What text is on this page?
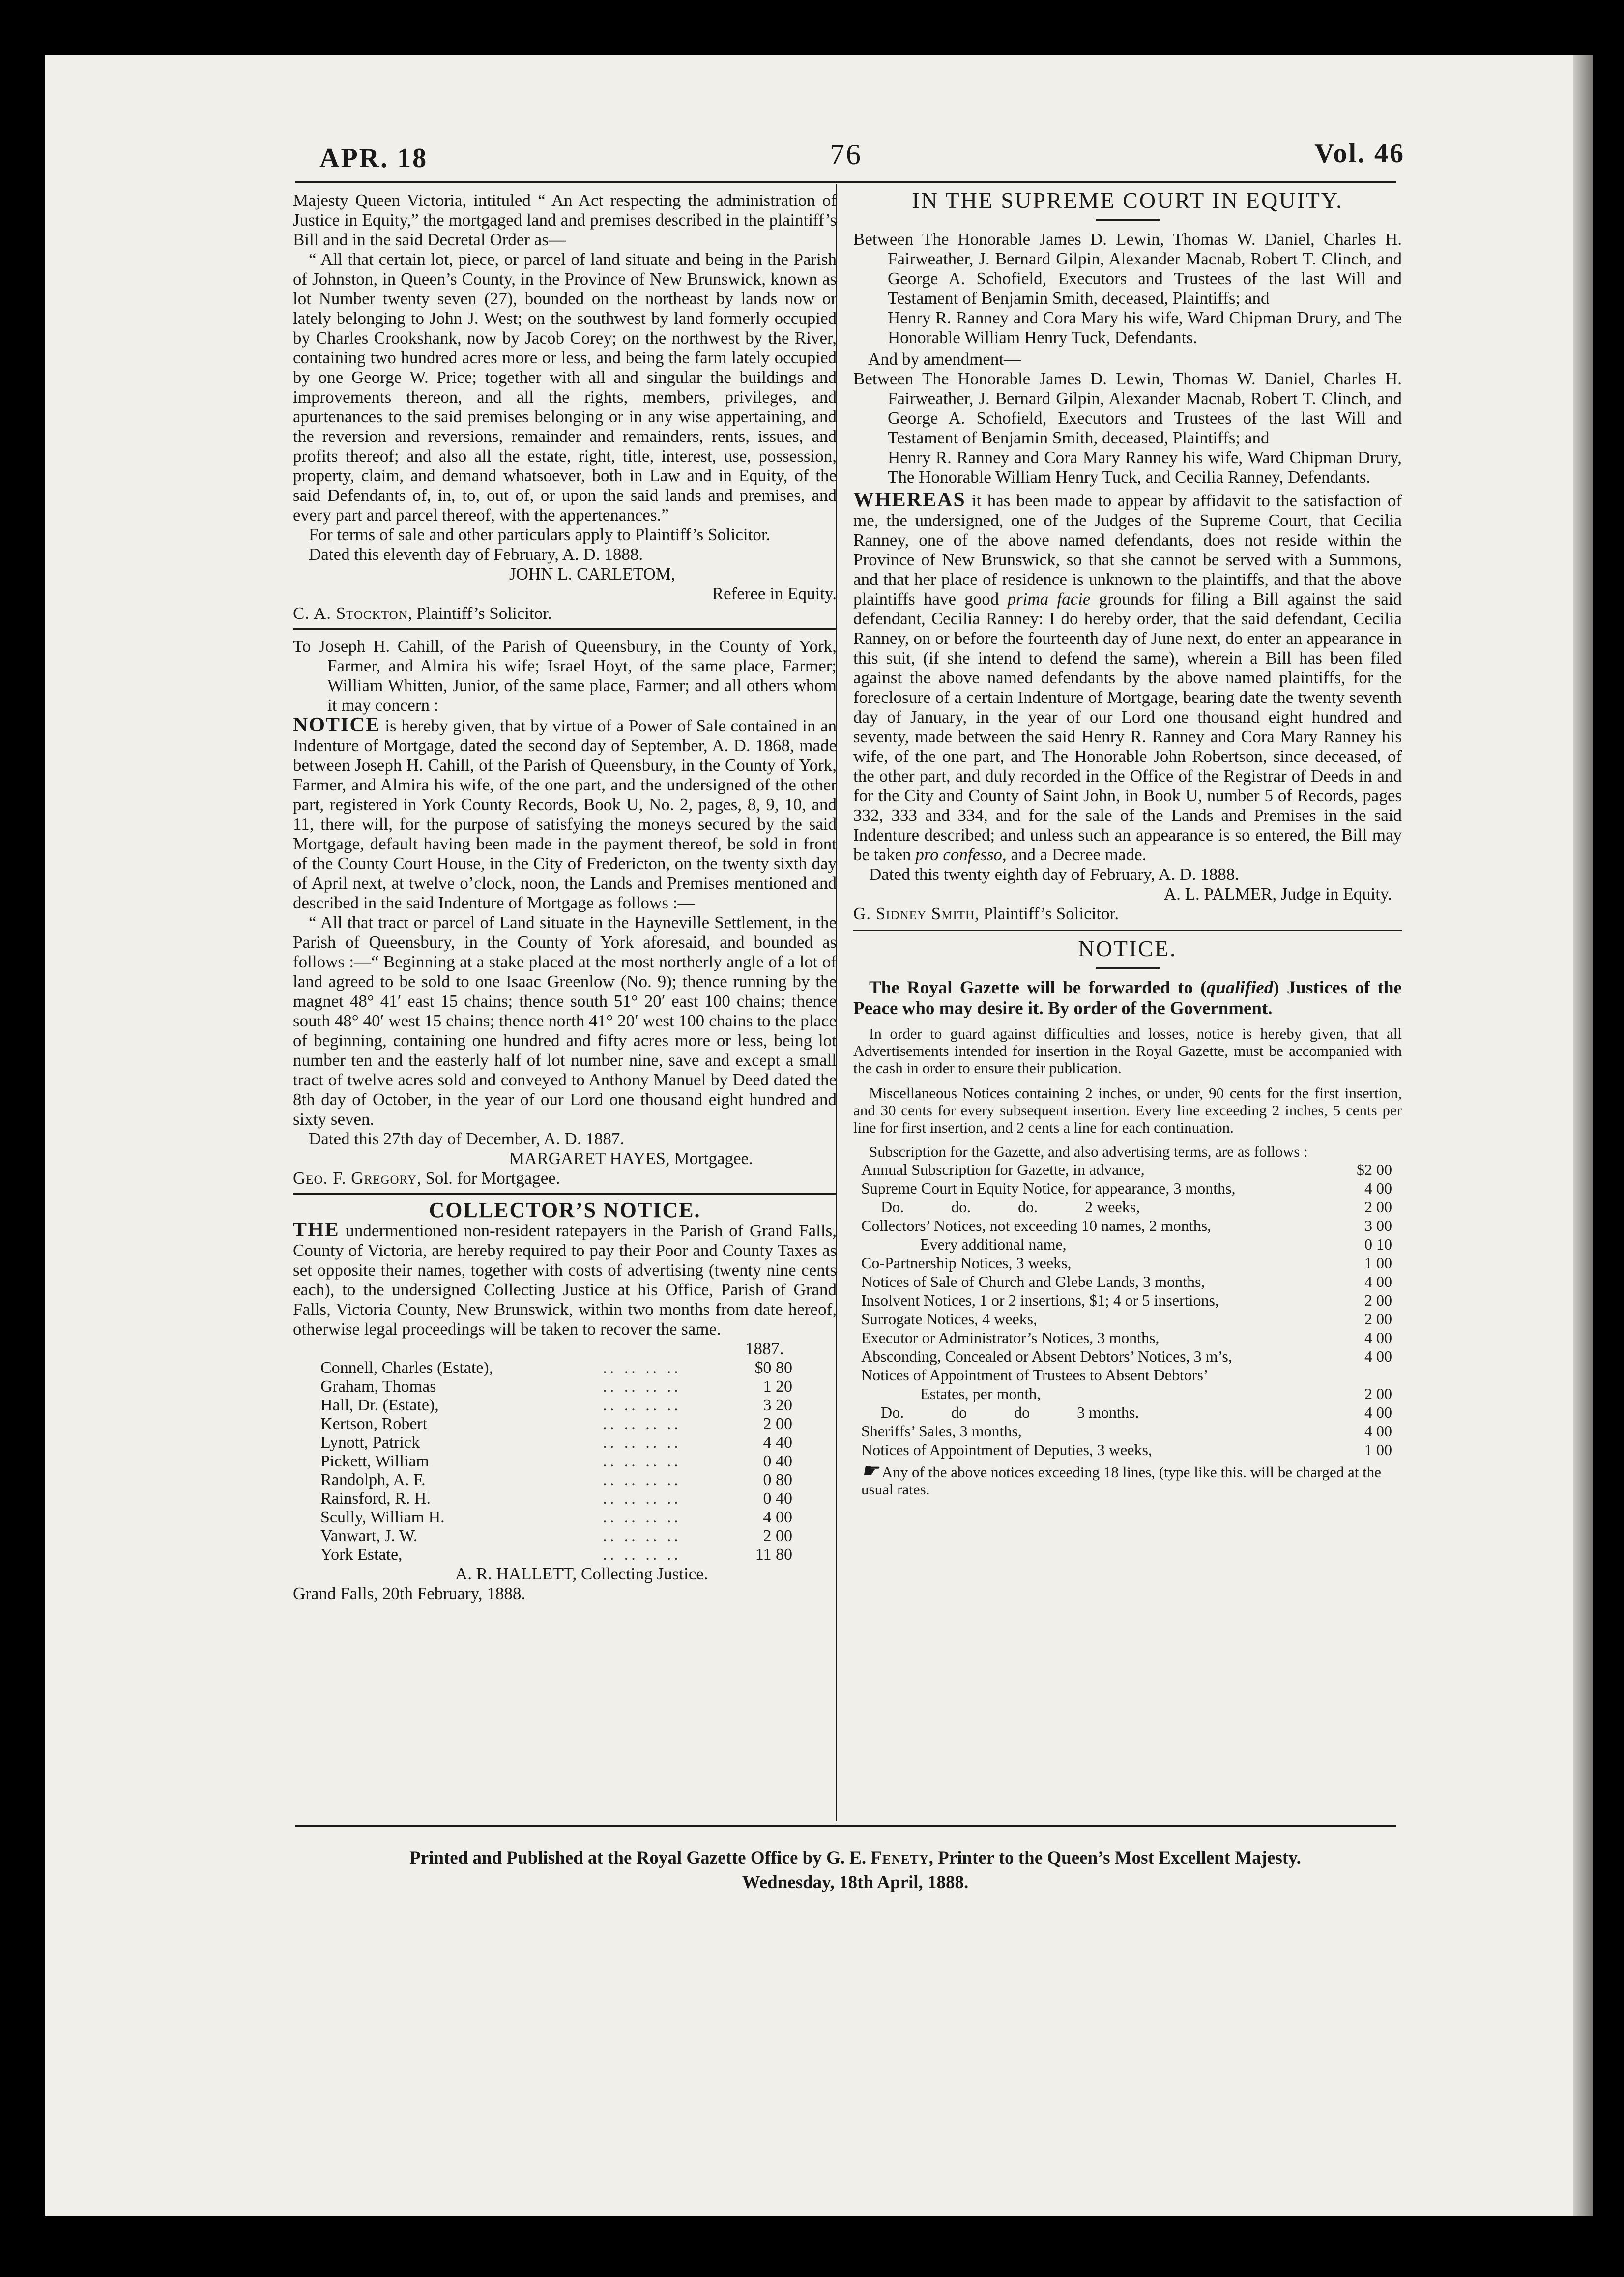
APR. 18	76	Vol. 46

Majesty Queen Victoria, intituled “ An Act respecting the administration of Justice in Equity,” the mortgaged land and premises described in the plaintiff’s Bill and in the said Decretal Order as—

“ All that certain lot, piece, or parcel of land situate and being in the Parish of Johnston, in Queen’s County, in the Province of New Brunswick, known as lot Number twenty seven (27), bounded on the northeast by lands now or lately belonging to John J. West; on the southwest by land formerly occupied by Charles Crookshank, now by Jacob Corey; on the northwest by the River, containing two hundred acres more or less, and being the farm lately occupied by one George W. Price; together with all and singular the buildings and improvements thereon, and all the rights, members, privileges, and apurtenances to the said premises belonging or in any wise appertaining, and the reversion and reversions, remainder and remainders, rents, issues, and profits thereof; and also all the estate, right, title, interest, use, possession, property, claim, and demand whatsoever, both in Law and in Equity, of the said Defendants of, in, to, out of, or upon the said lands and premises, and every part and parcel thereof, with the appertenances.”

For terms of sale and other particulars apply to Plaintiff’s Solicitor.

Dated this eleventh day of February, A. D. 1888.

JOHN L. CARLETOM,

Referee in Equity.

C. A. Stockton, Plaintiff’s Solicitor.

To Joseph H. Cahill, of the Parish of Queensbury, in the County of York, Farmer, and Almira his wife; Israel Hoyt, of the same place, Farmer; William Whitten, Junior, of the same place, Farmer; and all others whom it may concern :

NOTICE is hereby given, that by virtue of a Power of Sale contained in an Indenture of Mortgage, dated the second day of September, A. D. 1868, made between Joseph H. Cahill, of the Parish of Queensbury, in the County of York, Farmer, and Almira his wife, of the one part, and the undersigned of the other part, registered in York County Records, Book U, No. 2, pages, 8, 9, 10, and 11, there will, for the purpose of satisfying the moneys secured by the said Mortgage, default having been made in the payment thereof, be sold in front of the County Court House, in the City of Fredericton, on the twenty sixth day of April next, at twelve o’clock, noon, the Lands and Premises mentioned and described in the said Indenture of Mortgage as follows :—

“ All that tract or parcel of Land situate in the Hayneville Settlement, in the Parish of Queensbury, in the County of York aforesaid, and bounded as follows :—“ Beginning at a stake placed at the most northerly angle of a lot of land agreed to be sold to one Isaac Greenlow (No. 9); thence running by the magnet 48° 41′ east 15 chains; thence south 51° 20′ east 100 chains; thence south 48° 40′ west 15 chains; thence north 41° 20′ west 100 chains to the place of beginning, containing one hundred and fifty acres more or less, being lot number ten and the easterly half of lot number nine, save and except a small tract of twelve acres sold and conveyed to Anthony Manuel by Deed dated the 8th day of October, in the year of our Lord one thousand eight hundred and sixty seven.

Dated this 27th day of December, A. D. 1887.

MARGARET HAYES, Mortgagee.

Geo. F. Gregory, Sol. for Mortgagee.

COLLECTOR’S NOTICE.

THE undermentioned non-resident ratepayers in the Parish of Grand Falls, County of Victoria, are hereby required to pay their Poor and County Taxes as set opposite their names, together with costs of advertising (twenty nine cents each), to the undersigned Collecting Justice at his Office, Parish of Grand Falls, Victoria County, New Brunswick, within two months from date hereof, otherwise legal proceedings will be taken to recover the same.

1887.

Connell, Charles (Estate),	.. .. .. ..	$0 80
Graham, Thomas	.. .. .. ..	1 20
Hall, Dr. (Estate),	.. .. .. ..	3 20
Kertson, Robert	.. .. .. ..	2 00
Lynott, Patrick	.. .. .. ..	4 40
Pickett, William	.. .. .. ..	0 40
Randolph, A. F.	.. .. .. ..	0 80
Rainsford, R. H.	.. .. .. ..	0 40
Scully, William H.	.. .. .. ..	4 00
Vanwart, J. W.	.. .. .. ..	2 00
York Estate,	.. .. .. ..	11 80

A. R. HALLETT, Collecting Justice.

Grand Falls, 20th February, 1888.

IN THE SUPREME COURT IN EQUITY.

Between The Honorable James D. Lewin, Thomas W. Daniel, Charles H. Fairweather, J. Bernard Gilpin, Alexander Macnab, Robert T. Clinch, and George A. Schofield, Executors and Trustees of the last Will and Testament of Benjamin Smith, deceased, Plaintiffs; and

Henry R. Ranney and Cora Mary his wife, Ward Chipman Drury, and The Honorable William Henry Tuck, Defendants.

And by amendment—

Between The Honorable James D. Lewin, Thomas W. Daniel, Charles H. Fairweather, J. Bernard Gilpin, Alexander Macnab, Robert T. Clinch, and George A. Schofield, Executors and Trustees of the last Will and Testament of Benjamin Smith, deceased, Plaintiffs; and

Henry R. Ranney and Cora Mary Ranney his wife, Ward Chipman Drury, The Honorable William Henry Tuck, and Cecilia Ranney, Defendants.

WHEREAS it has been made to appear by affidavit to the satisfaction of me, the undersigned, one of the Judges of the Supreme Court, that Cecilia Ranney, one of the above named defendants, does not reside within the Province of New Brunswick, so that she cannot be served with a Summons, and that her place of residence is unknown to the plaintiffs, and that the above plaintiffs have good prima facie grounds for filing a Bill against the said defendant, Cecilia Ranney: I do hereby order, that the said defendant, Cecilia Ranney, on or before the fourteenth day of June next, do enter an appearance in this suit, (if she intend to defend the same), wherein a Bill has been filed against the above named defendants by the above named plaintiffs, for the foreclosure of a certain Indenture of Mortgage, bearing date the twenty seventh day of January, in the year of our Lord one thousand eight hundred and seventy, made between the said Henry R. Ranney and Cora Mary Ranney his wife, of the one part, and The Honorable John Robertson, since deceased, of the other part, and duly recorded in the Office of the Registrar of Deeds in and for the City and County of Saint John, in Book U, number 5 of Records, pages 332, 333 and 334, and for the sale of the Lands and Premises in the said Indenture described; and unless such an appearance is so entered, the Bill may be taken pro confesso, and a Decree made.

Dated this twenty eighth day of February, A. D. 1888.

A. L. PALMER, Judge in Equity.

G. Sidney Smith, Plaintiff’s Solicitor.

NOTICE.

The Royal Gazette will be forwarded to (qualified) Justices of the Peace who may desire it. By order of the Government.

In order to guard against difficulties and losses, notice is hereby given, that all Advertisements intended for insertion in the Royal Gazette, must be accompanied with the cash in order to ensure their publication.

Miscellaneous Notices containing 2 inches, or under, 90 cents for the first insertion, and 30 cents for every subsequent insertion. Every line exceeding 2 inches, 5 cents per line for first insertion, and 2 cents a line for each continuation.

Subscription for the Gazette, and also advertising terms, are as follows :

Annual Subscription for Gazette, in advance,	$2 00
Supreme Court in Equity Notice, for appearance, 3 months,	4 00
Do.            do.            do.            2 weeks,	2 00
Collectors’ Notices, not exceeding 10 names, 2 months,	3 00
Every additional name,	0 10
Co-Partnership Notices, 3 weeks,	1 00
Notices of Sale of Church and Glebe Lands, 3 months,	4 00
Insolvent Notices, 1 or 2 insertions, $1; 4 or 5 insertions,	2 00
Surrogate Notices, 4 weeks,	2 00
Executor or Administrator’s Notices, 3 months,	4 00
Absconding, Concealed or Absent Debtors’ Notices, 3 m’s,	4 00
Notices of Appointment of Trustees to Absent Debtors’	
Estates, per month,	2 00
Do.            do            do            3 months.	4 00
Sheriffs’ Sales, 3 months,	4 00
Notices of Appointment of Deputies, 3 weeks,	1 00

☛ Any of the above notices exceeding 18 lines, (type like this. will be charged at the usual rates.

Printed and Published at the Royal Gazette Office by G. E. Fenety, Printer to the Queen’s Most Excellent Majesty.
Wednesday, 18th April, 1888.
